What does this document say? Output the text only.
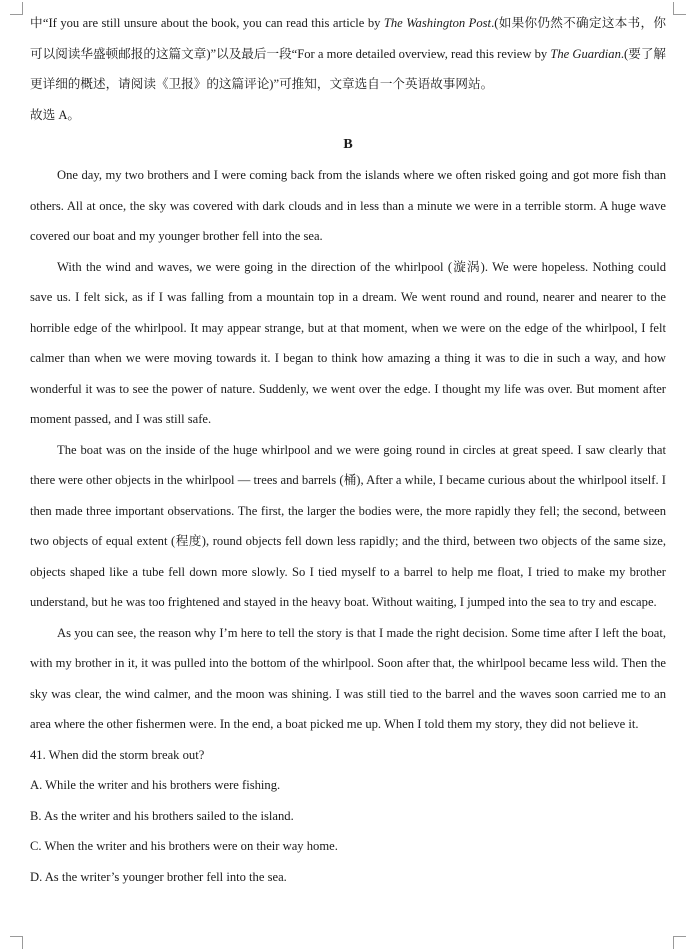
中“If you are still unsure about the book, you can read this article by The Washington Post.(如果你仍然不确定这本书，你可以阅读华盛顿邮报的这篇文章)”以及最后一段“For a more detailed overview, read this review by The Guardian.(要了解更详细的概述，请阅读《卫报》的这篇评论)”可推知，文章选自一个英语故事网站。

故选 A。

B

One day, my two brothers and I were coming back from the islands where we often risked going and got more fish than others. All at once, the sky was covered with dark clouds and in less than a minute we were in a terrible storm. A huge wave covered our boat and my younger brother fell into the sea.

With the wind and waves, we were going in the direction of the whirlpool (漩涡). We were hopeless. Nothing could save us. I felt sick, as if I was falling from a mountain top in a dream. We went round and round, nearer and nearer to the horrible edge of the whirlpool. It may appear strange, but at that moment, when we were on the edge of the whirlpool, I felt calmer than when we were moving towards it. I began to think how amazing a thing it was to die in such a way, and how wonderful it was to see the power of nature. Suddenly, we went over the edge. I thought my life was over. But moment after moment passed, and I was still safe.

The boat was on the inside of the huge whirlpool and we were going round in circles at great speed. I saw clearly that there were other objects in the whirlpool — trees and barrels (桶), After a while, I became curious about the whirlpool itself. I then made three important observations. The first, the larger the bodies were, the more rapidly they fell; the second, between two objects of equal extent (程度), round objects fell down less rapidly; and the third, between two objects of the same size, objects shaped like a tube fell down more slowly. So I tied myself to a barrel to help me float, I tried to make my brother understand, but he was too frightened and stayed in the heavy boat. Without waiting, I jumped into the sea to try and escape.

As you can see, the reason why I’m here to tell the story is that I made the right decision. Some time after I left the boat, with my brother in it, it was pulled into the bottom of the whirlpool. Soon after that, the whirlpool became less wild. Then the sky was clear, the wind calmer, and the moon was shining. I was still tied to the barrel and the waves soon carried me to an area where the other fishermen were. In the end, a boat picked me up. When I told them my story, they did not believe it.

41. When did the storm break out?

A. While the writer and his brothers were fishing.

B. As the writer and his brothers sailed to the island.

C. When the writer and his brothers were on their way home.

D. As the writer’s younger brother fell into the sea.
